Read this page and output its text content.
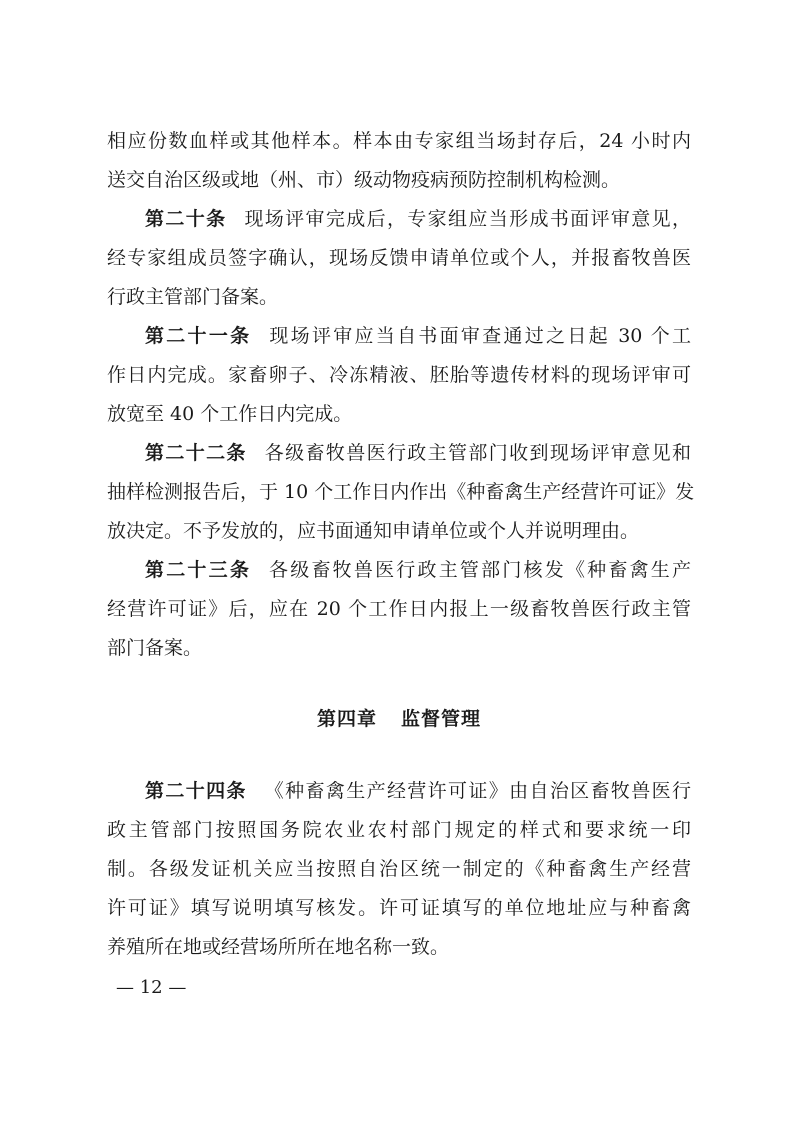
相应份数血样或其他样本。样本由专家组当场封存后，24 小时内
送交自治区级或地（州、市）级动物疫病预防控制机构检测。
第二十条 现场评审完成后，专家组应当形成书面评审意见，
经专家组成员签字确认，现场反馈申请单位或个人，并报畜牧兽医
行政主管部门备案。
第二十一条 现场评审应当自书面审查通过之日起 30 个工
作日内完成。家畜卵子、冷冻精液、胚胎等遗传材料的现场评审可
放宽至 40 个工作日内完成。
第二十二条 各级畜牧兽医行政主管部门收到现场评审意见和
抽样检测报告后，于 10 个工作日内作出《种畜禽生产经营许可证》发
放决定。不予发放的，应书面通知申请单位或个人并说明理由。
第二十三条 各级畜牧兽医行政主管部门核发《种畜禽生产
经营许可证》后，应在 20 个工作日内报上一级畜牧兽医行政主管
部门备案。
第四章 监督管理
第二十四条 《种畜禽生产经营许可证》由自治区畜牧兽医行
政主管部门按照国务院农业农村部门规定的样式和要求统一印
制。各级发证机关应当按照自治区统一制定的《种畜禽生产经营
许可证》填写说明填写核发。许可证填写的单位地址应与种畜禽
养殖所在地或经营场所所在地名称一致。
— 12 —
